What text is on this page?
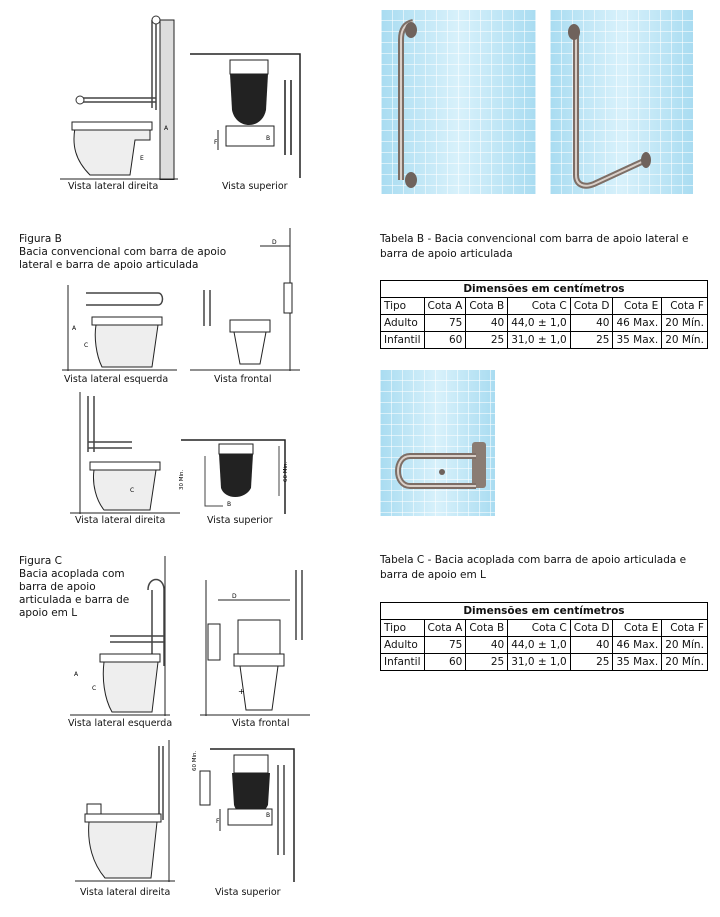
A
E
Vista lateral direita
F
B
Vista superior
Figura B
Bacia convencional com barra de apoio
lateral e barra de apoio articulada
A
C
Vista lateral esquerda
D
Vista frontal
C
Vista lateral direita
30 Min.	60 Min.
B
Vista superior
Tabela B - Bacia convencional com barra de apoio lateral e
barra de apoio articulada
Dimensões em centímetros						
Tipo	Cota A	Cota B	Cota C	Cota D	Cota E	Cota F
Adulto	75	40	44,0 ± 1,0	40	46 Max.	20 Mín.
Infantil	60	25	31,0 ± 1,0	25	35 Max.	20 Mín.
Figura C
Bacia acoplada com
barra de apoio
articulada e barra de
apoio em L
A
C
Vista lateral esquerda
D
+
Vista frontal
Vista lateral direita
60 Min.
F
B
Vista superior
Tabela C - Bacia acoplada com barra de apoio articulada e
barra de apoio em L
Dimensões em centímetros						
Tipo	Cota A	Cota B	Cota C	Cota D	Cota E	Cota F
Adulto	75	40	44,0 ± 1,0	40	46 Max.	20 Mín.
Infantil	60	25	31,0 ± 1,0	25	35 Max.	20 Mín.
